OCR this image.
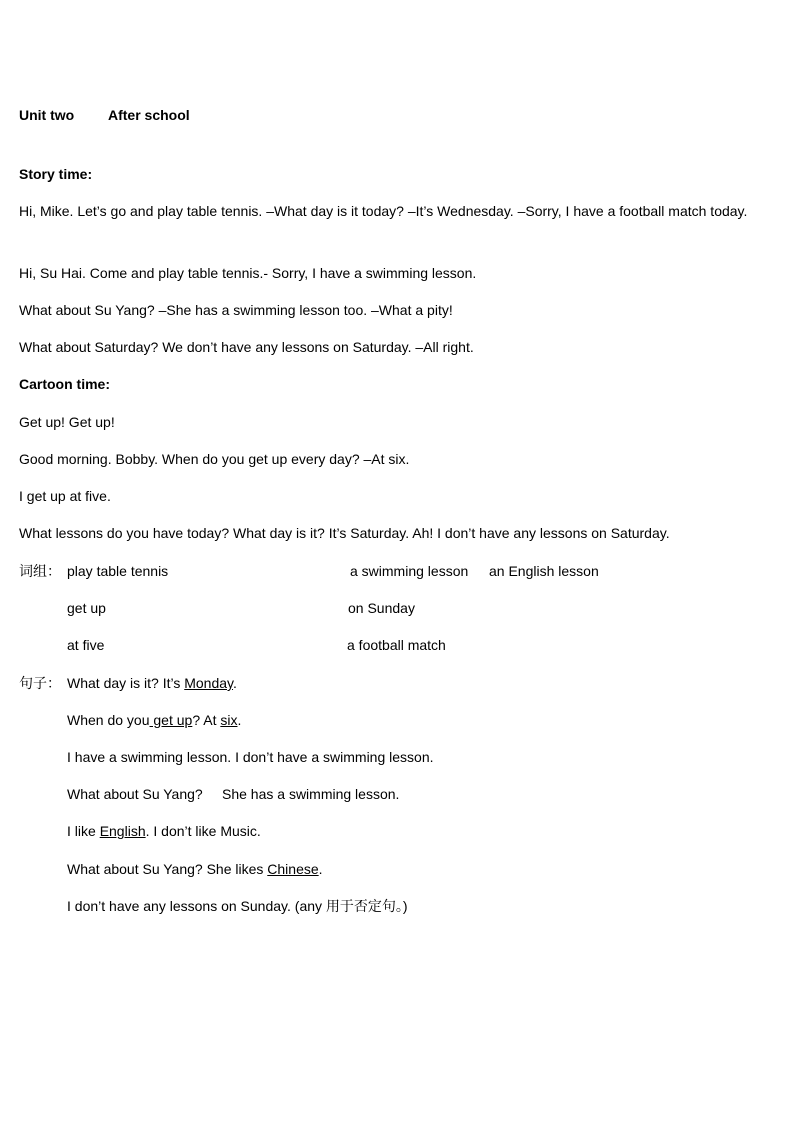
Unit two After school
Story time:
Hi, Mike. Let’s go and play table tennis. –What day is it today? –It’s Wednesday. –Sorry, I have a football match today.
Hi, Su Hai. Come and play table tennis.- Sorry, I have a swimming lesson.
What about Su Yang? –She has a swimming lesson too. –What a pity!
What about Saturday? We don’t have any lessons on Saturday. –All right.
Cartoon time:
Get up! Get up!
Good morning. Bobby. When do you get up every day? –At six.
I get up at five.
What lessons do you have today? What day is it? It’s Saturday. Ah! I don’t have any lessons on Saturday.
词组： play table tennis	a swimming lesson an English lesson
get up	on Sunday
at five	a football match
句子： What day is it? It’s Monday.
When do you get up? At six.
I have a swimming lesson. I don’t have a swimming lesson.
What about Su Yang? She has a swimming lesson.
I like English. I don’t like Music.
What about Su Yang? She likes Chinese.
I don’t have any lessons on Sunday. (any 用于否定句。)
